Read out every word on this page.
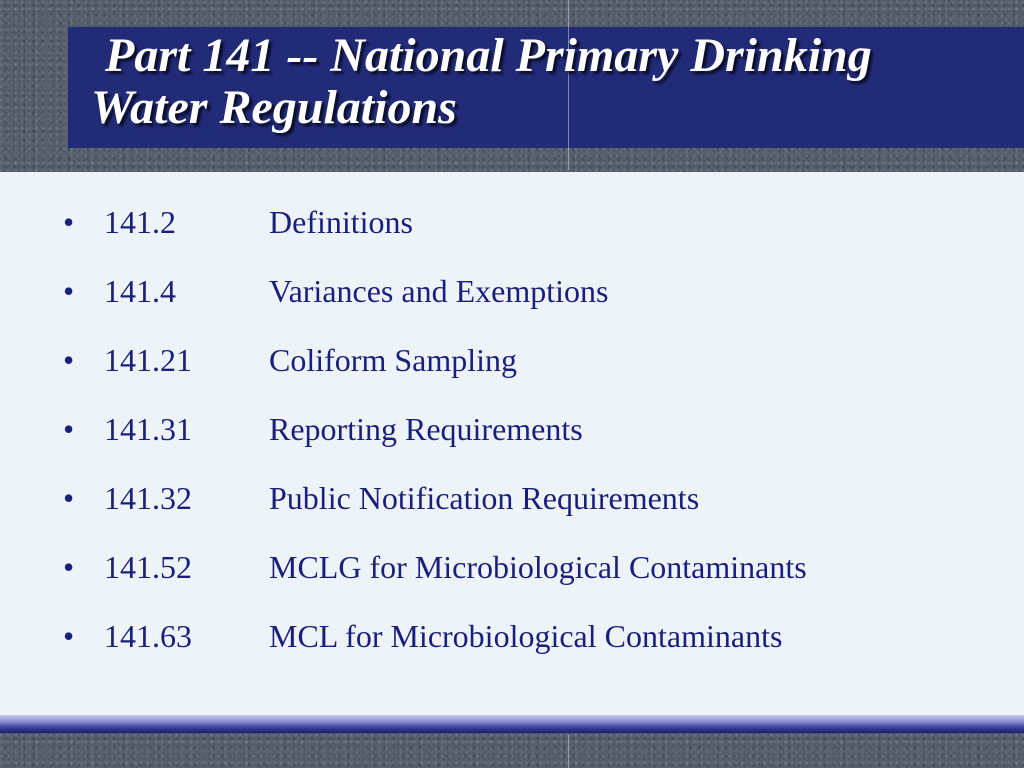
Part 141 -- National Primary Drinking
Water Regulations
• 141.2	Definitions
• 141.4	Variances and Exemptions
• 141.21 Coliform Sampling
• 141.31 Reporting Requirements
• 141.32 Public Notification Requirements
• 141.52 MCLG for Microbiological Contaminants
• 141.63 MCL for Microbiological Contaminants
